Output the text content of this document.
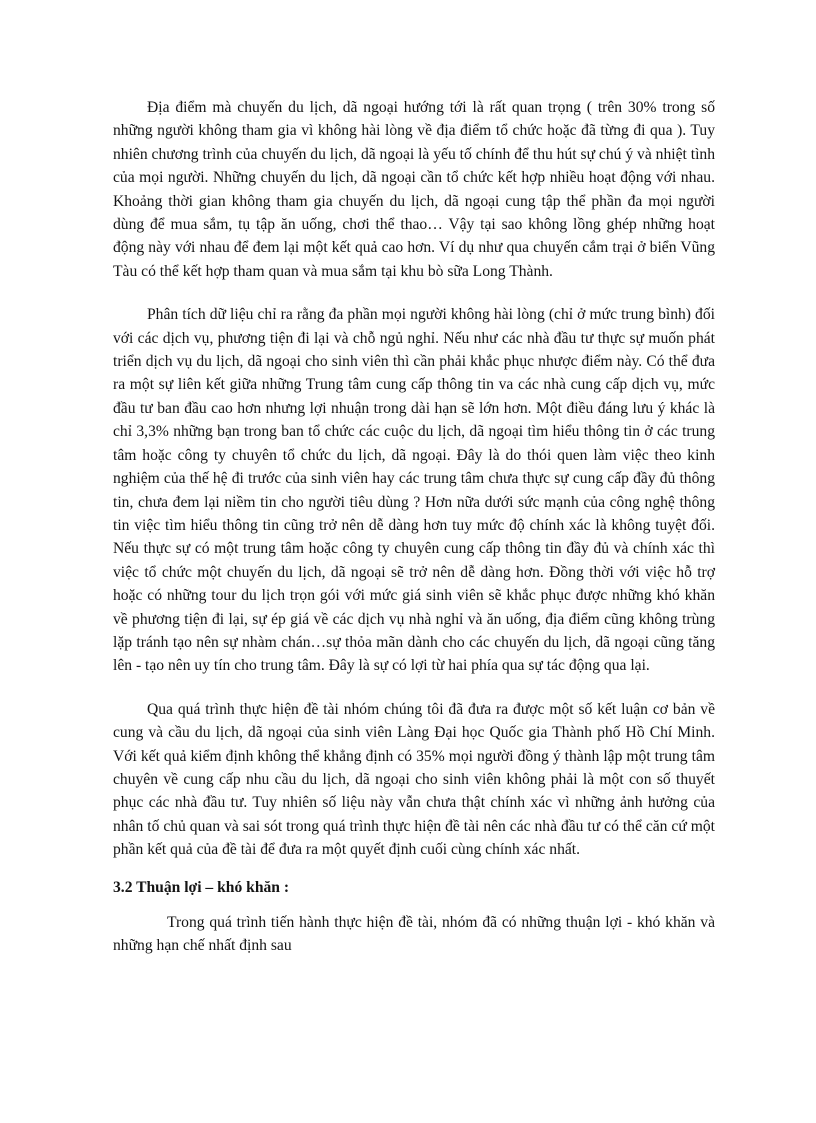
Địa điểm mà chuyến du lịch, dã ngoại hướng tới là rất quan trọng ( trên 30% trong số những người không tham gia vì không hài lòng về địa điểm tổ chức hoặc đã từng đi qua ). Tuy nhiên chương trình của chuyến du lịch, dã ngoại là yếu tố chính để thu hút sự chú ý và nhiệt tình của mọi người. Những chuyến du lịch, dã ngoại cần tổ chức kết hợp nhiều hoạt động với nhau. Khoảng thời gian không tham gia chuyến du lịch, dã ngoại cung tập thể phần đa mọi người dùng để mua sắm, tụ tập ăn uống, chơi thể thao… Vậy tại sao không lồng ghép những hoạt động này với nhau để đem lại một kết quả cao hơn. Ví dụ như qua chuyến cắm trại ở biển Vũng Tàu có thể kết hợp tham quan và mua sắm tại khu bò sữa Long Thành.

Phân tích dữ liệu chỉ ra rằng đa phần mọi người không hài lòng (chỉ ở mức trung bình) đối với các dịch vụ, phương tiện đi lại và chỗ ngủ nghỉ. Nếu như các nhà đầu tư thực sự muốn phát triển dịch vụ du lịch, dã ngoại cho sinh viên thì cần phải khắc phục nhược điểm này. Có thể đưa ra một sự liên kết giữa những Trung tâm cung cấp thông tin va các nhà cung cấp dịch vụ, mức đầu tư ban đầu cao hơn nhưng lợi nhuận trong dài hạn sẽ lớn hơn. Một điều đáng lưu ý khác là chỉ 3,3% những bạn trong ban tổ chức các cuộc du lịch, dã ngoại tìm hiểu thông tin ở các trung tâm hoặc công ty chuyên tổ chức du lịch, dã ngoại. Đây là do thói quen làm việc theo kinh nghiệm của thế hệ đi trước của sinh viên hay các trung tâm chưa thực sự cung cấp đầy đủ thông tin, chưa đem lại niềm tin cho người tiêu dùng ? Hơn nữa dưới sức mạnh của công nghệ thông tin việc tìm hiểu thông tin cũng trở nên dễ dàng hơn tuy mức độ chính xác là không tuyệt đối. Nếu thực sự có một trung tâm hoặc công ty chuyên cung cấp thông tin đầy đủ và chính xác thì việc tổ chức một chuyến du lịch, dã ngoại sẽ trở nên dễ dàng hơn. Đồng thời với việc hỗ trợ hoặc có những tour du lịch trọn gói với mức giá sinh viên sẽ khắc phục được những khó khăn về phương tiện đi lại, sự ép giá về các dịch vụ nhà nghỉ và ăn uống, địa điểm cũng không trùng lặp tránh tạo nên sự nhàm chán…sự thỏa mãn dành cho các chuyến du lịch, dã ngoại cũng tăng lên - tạo nên uy tín cho trung tâm. Đây là sự có lợi từ hai phía qua sự tác động qua lại.

Qua quá trình thực hiện đề tài nhóm chúng tôi đã đưa ra được một số kết luận cơ bản về cung và cầu du lịch, dã ngoại của sinh viên Làng Đại học Quốc gia Thành phố Hồ Chí Minh. Với kết quả kiểm định không thể khẳng định có 35% mọi người đồng ý thành lập một trung tâm chuyên về cung cấp nhu cầu du lịch, dã ngoại cho sinh viên không phải là một con số thuyết phục các nhà đầu tư. Tuy nhiên số liệu này vẫn chưa thật chính xác vì những ảnh hưởng của nhân tố chủ quan và sai sót trong quá trình thực hiện đề tài nên các nhà đầu tư có thể căn cứ một phần kết quả của đề tài để đưa ra một quyết định cuối cùng chính xác nhất.

3.2 Thuận lợi – khó khăn :

Trong quá trình tiến hành thực hiện đề tài, nhóm đã có những thuận lợi - khó khăn và những hạn chế nhất định sau
